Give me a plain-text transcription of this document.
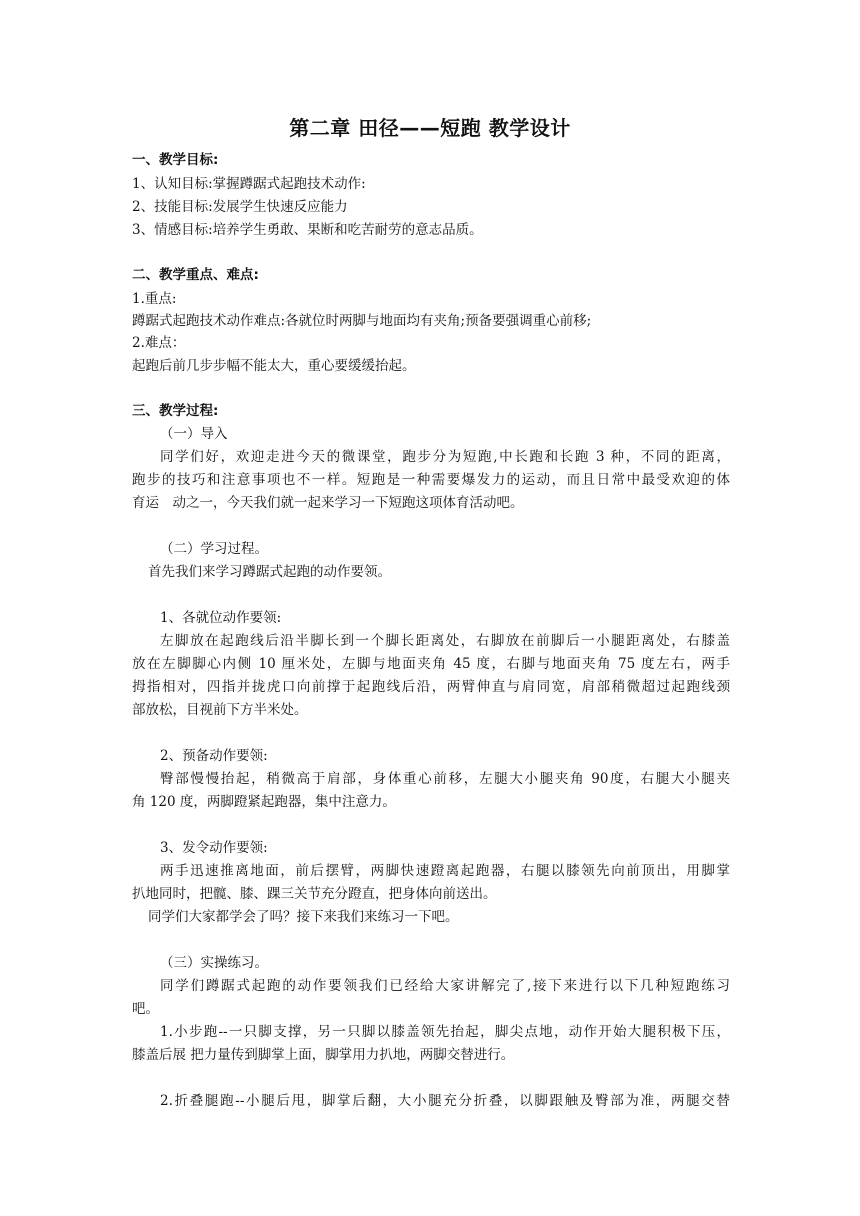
第二章 田径——短跑 教学设计
一、教学目标:
1、认知目标:掌握蹲踞式起跑技术动作:
2、技能目标:发展学生快速反应能力
3、情感目标:培养学生勇敢、果断和吃苦耐劳的意志品质。
二、教学重点、难点:
1.重点:
蹲踞式起跑技术动作难点:各就位时两脚与地面均有夹角;预备要强调重心前移;
2.难点：
起跑后前几步步幅不能太大，重心要缓缓抬起。
三、教学过程:
（一）导入
同学们好，欢迎走进今天的微课堂，跑步分为短跑,中长跑和长跑 3 种，不同的距离，
跑步的技巧和注意事项也不一样。短跑是一种需要爆发力的运动，而且日常中最受欢迎的体
育运　动之一，今天我们就一起来学习一下短跑这项体育活动吧。
（二）学习过程。
首先我们来学习蹲踞式起跑的动作要领。
1、各就位动作要领:
左脚放在起跑线后沿半脚长到一个脚长距离处，右脚放在前脚后一小腿距离处，右膝盖
放在左脚脚心内侧 10 厘米处，左脚与地面夹角 45 度，右脚与地面夹角 75 度左右，两手
拇指相对，四指并拢虎口向前撑于起跑线后沿，两臂伸直与肩同宽，肩部稍微超过起跑线颈
部放松，目视前下方半米处。
2、预备动作要领:
臀部慢慢抬起，稍微高于肩部，身体重心前移，左腿大小腿夹角 90度，右腿大小腿夹
角 120 度，两脚蹬紧起跑器，集中注意力。
3、发令动作要领:
两手迅速推离地面，前后摆臂，两脚快速蹬离起跑器，右腿以膝领先向前顶出，用脚掌
扒地同时，把髋、膝、踝三关节充分蹬直，把身体向前送出。
同学们大家都学会了吗？接下来我们来练习一下吧。
（三）实操练习。
同学们蹲踞式起跑的动作要领我们已经给大家讲解完了,接下来进行以下几种短跑练习
吧。
1.小步跑--一只脚支撑，另一只脚以膝盖领先抬起，脚尖点地，动作开始大腿积极下压，
膝盖后展 把力量传到脚掌上面，脚掌用力扒地，两脚交替进行。
2.折叠腿跑--小腿后甩，脚掌后翻，大小腿充分折叠，以脚跟触及臀部为准，两腿交替
